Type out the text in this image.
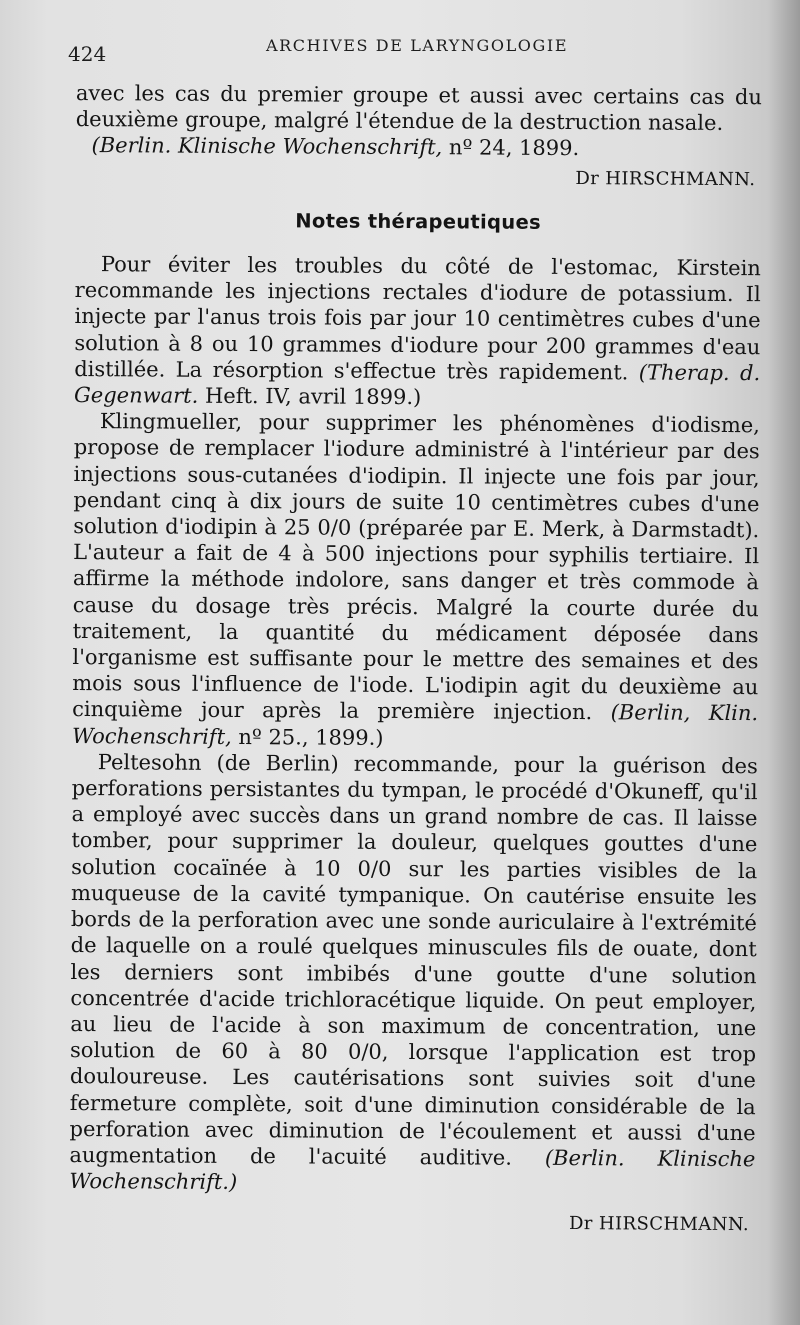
424	ARCHIVES DE LARYNGOLOGIE

avec les cas du premier groupe et aussi avec certains cas du deuxième groupe, malgré l'étendue de la destruction nasale.

(Berlin. Klinische Wochenschrift, nº 24, 1899.

Dr HIRSCHMANN.

Notes thérapeutiques

Pour éviter les troubles du côté de l'estomac, Kirstein recommande les injections rectales d'iodure de potassium. Il injecte par l'anus trois fois par jour 10 centimètres cubes d'une solution à 8 ou 10 grammes d'iodure pour 200 grammes d'eau distillée. La résorption s'effectue très rapidement. (Therap. d. Gegenwart. Heft. IV, avril 1899.)

Klingmueller, pour supprimer les phénomènes d'iodisme, propose de remplacer l'iodure administré à l'intérieur par des injections sous-cutanées d'iodipin. Il injecte une fois par jour, pendant cinq à dix jours de suite 10 centimètres cubes d'une solution d'iodipin à 25 0/0 (préparée par E. Merk, à Darmstadt). L'auteur a fait de 4 à 500 injections pour syphilis tertiaire. Il affirme la méthode indolore, sans danger et très commode à cause du dosage très précis. Malgré la courte durée du traitement, la quantité du médicament déposée dans l'organisme est suffisante pour le mettre des semaines et des mois sous l'influence de l'iode. L'iodipin agit du deuxième au cinquième jour après la première injection. (Berlin, Klin. Wochenschrift, nº 25., 1899.)

Peltesohn (de Berlin) recommande, pour la guérison des perforations persistantes du tympan, le procédé d'Okuneff, qu'il a employé avec succès dans un grand nombre de cas. Il laisse tomber, pour supprimer la douleur, quelques gouttes d'une solution cocaïnée à 10 0/0 sur les parties visibles de la muqueuse de la cavité tympanique. On cautérise ensuite les bords de la perforation avec une sonde auriculaire à l'extrémité de laquelle on a roulé quelques minuscules fils de ouate, dont les derniers sont imbibés d'une goutte d'une solution concentrée d'acide trichloracétique liquide. On peut employer, au lieu de l'acide à son maximum de concentration, une solution de 60 à 80 0/0, lorsque l'application est trop douloureuse. Les cautérisations sont suivies soit d'une fermeture complète, soit d'une diminution considérable de la perforation avec diminution de l'écoulement et aussi d'une augmentation de l'acuité auditive. (Berlin. Klinische Wochenschrift.)

Dr HIRSCHMANN.
